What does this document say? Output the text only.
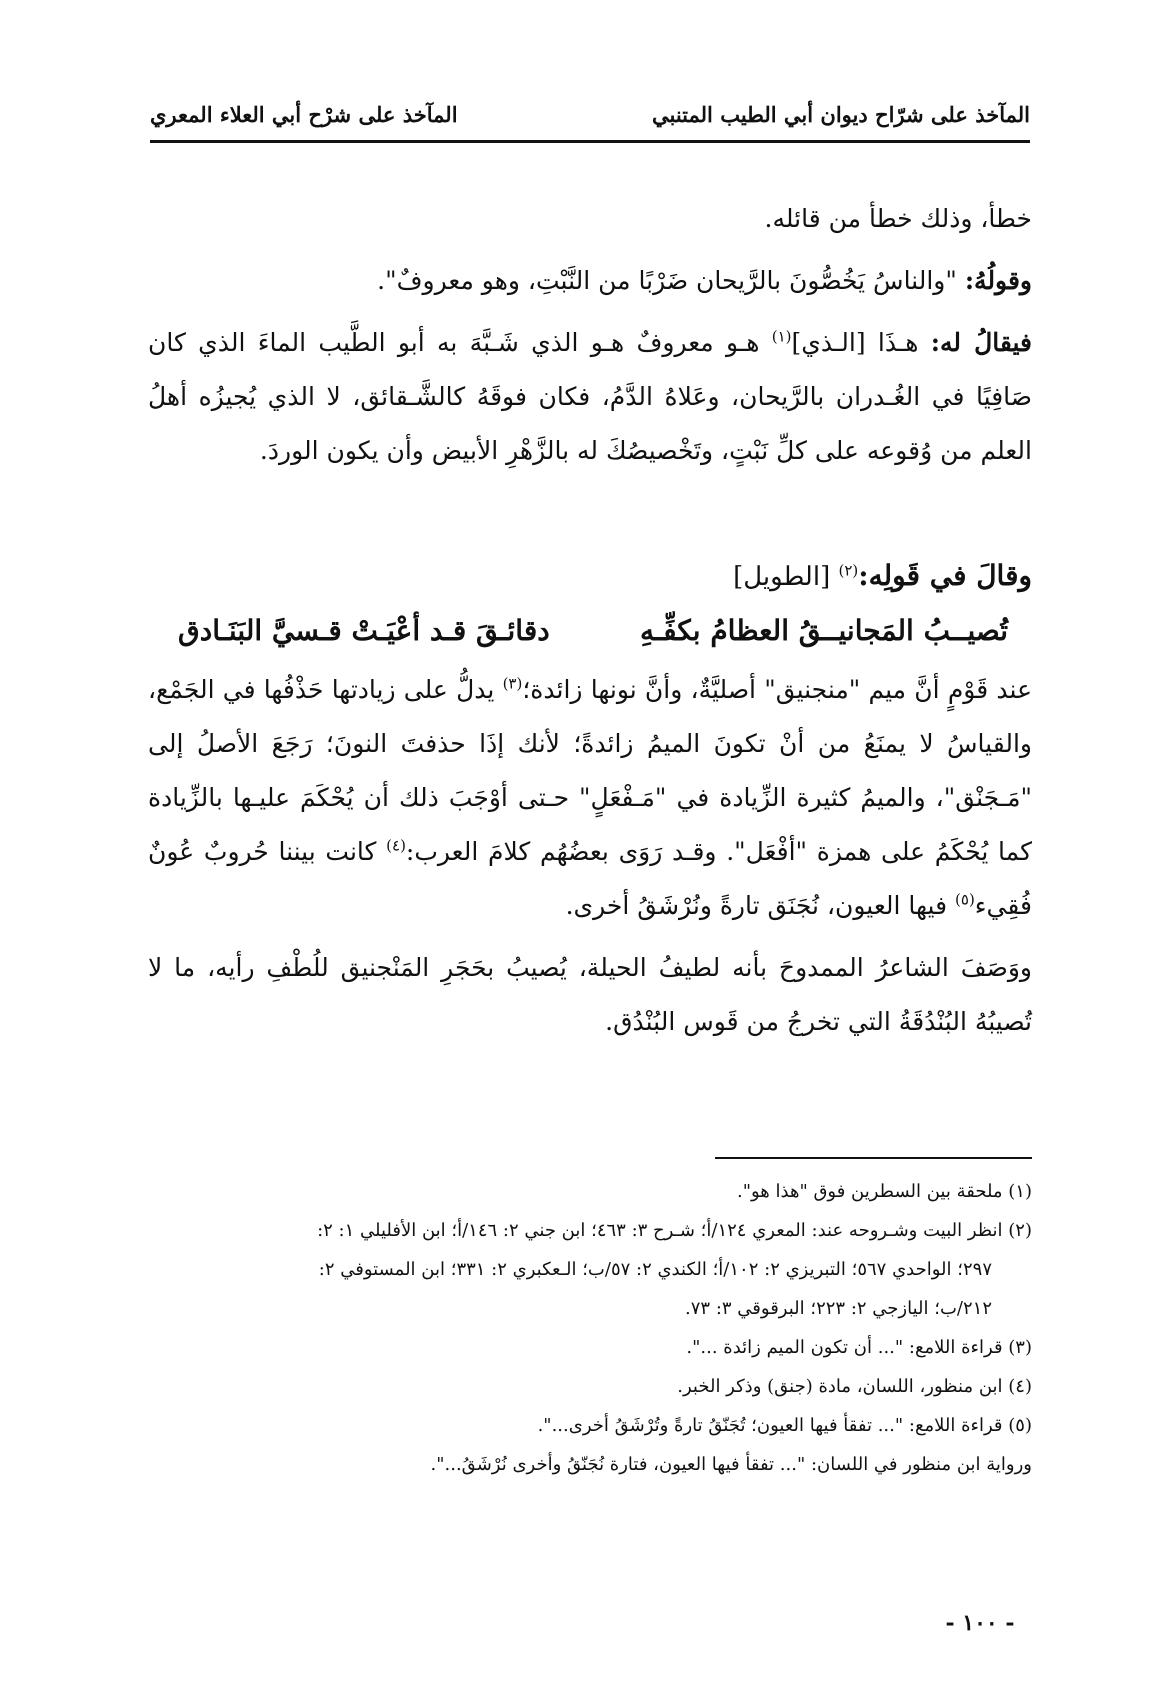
المآخذ على شرّاح ديوان أبي الطيب المتنبي
المآخذ على شرْح أبي العلاء المعري

خطأ، وذلك خطأ من قائله.

وقولُهُ: "والناسُ يَخُصُّونَ بالرَّيحان ضَرْبًا من النَّبْتِ، وهو معروفٌ".

فيقالُ له: هـذَا [الـذي]$^{(١)}$ هـو معروفٌ هـو الذي شَـبَّهَ به أبو الطَّيب الماءَ الذي كان صَافِيًا في الغُـدران بالرَّيحان، وعَلاهُ الدَّمُ، فكان فوقَهُ كالشَّـقائق، لا الذي يُجيزُه أهلُ العلم من وُقوعه على كلِّ نَبْتٍ، وتَخْصيصُكَ له بالزَّهْرِ الأبيض وأن يكون الوردَ.

وقالَ في قَولِه:$^{(٢)}$ [الطويل]

تُصيــبُ المَجانيــقُ العظامُ بكفِّـهِ
دقائـقَ قـد أعْيَـتْ قـسيَّ البَنَـادق

عند قَوْمٍ أنَّ ميم "منجنيق" أصليَّةٌ، وأنَّ نونها زائدة؛$^{(٣)}$ يدلُّ على زيادتها حَذْفُها في الجَمْع، والقياسُ لا يمنَعُ من أنْ تكونَ الميمُ زائدةً؛ لأنك إذَا حذفتَ النونَ؛ رَجَعَ الأصلُ إلى "مَـجَنْق"، والميمُ كثيرة الزِّيادة في "مَـفْعَلٍ" حـتى أوْجَبَ ذلك أن يُحْكَمَ عليـها بالزِّيادة كما يُحْكَمُ على همزة "أفْعَل". وقـد رَوَى بعضُهُم كلامَ العرب:$^{(٤)}$ كانت بيننا حُروبٌ عُونٌ فُقِيء$^{(٥)}$ فيها العيون، نُجَنَق تارةً ونُرْشَقُ أخرى.

ووَصَفَ الشاعرُ الممدوحَ بأنه لطيفُ الحيلة، يُصيبُ بحَجَرِ المَنْجنيق للُطْفِ رأيه، ما لا تُصيبُهُ البُنْدُقَةُ التي تخرجُ من قَوس البُنْدُق.

(١) ملحقة بين السطرين فوق "هذا هو".

(٢) انظر البيت وشـروحه عند: المعري ١٢٤/أ؛ شـرح ٣: ٤٦٣؛ ابن جني ٢: ١٤٦/أ؛ ابن الأفليلي ١: ٢:

٢٩٧؛ الواحدي ٥٦٧؛ التبريزي ٢: ١٠٢/أ؛ الكندي ٢: ٥٧/ب؛ الـعكبري ٢: ٣٣١؛ ابن المستوفي ٢:

٢١٢/ب؛ اليازجي ٢: ٢٢٣؛ البرقوقي ٣: ٧٣.

(٣) قراءة اللامع: "... أن تكون الميم زائدة ...".

(٤) ابن منظور، اللسان، مادة (جنق) وذكر الخبر.

(٥) قراءة اللامع: "... تفقأ فيها العيون؛ تُجَنّقُ تارةً وتُرْشَقُ أخرى...".

ورواية ابن منظور في اللسان: "... تفقأ فيها العيون، فتارة نُجَنّقُ وأخرى نُرْشَقُ...".

- ١٠٠ -
